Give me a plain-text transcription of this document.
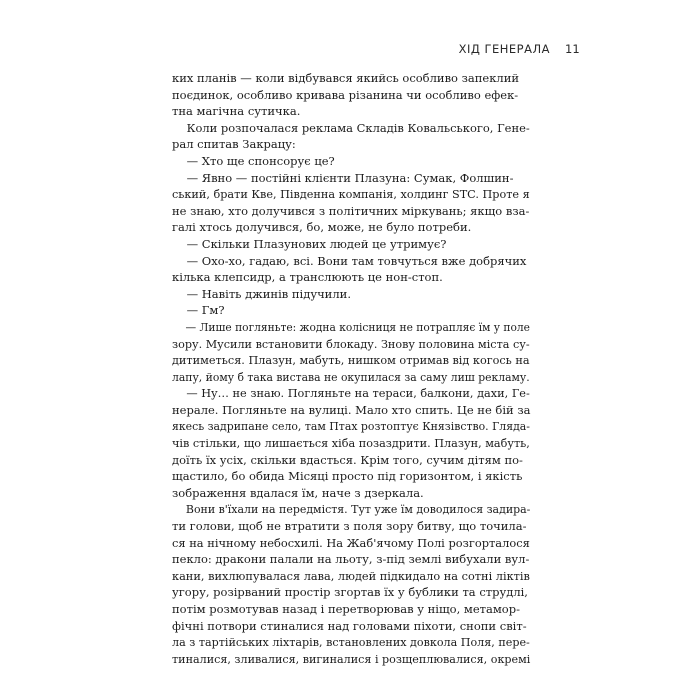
ХІД ГЕНЕРАЛА 11
ких планів — коли відбувався якийсь особливо запеклий
поєдинок, особливо кривава різанина чи особливо ефек-
тна магічна сутичка.
Коли розпочалася реклама Складів Ковальського, Гене-
рал спитав Закрацу:
— Хто ще спонсорує це?
— Явно — постійні клієнти Плазуна: Сумак, Фолшин-
ський, брати Кве, Південна компанія, холдинг STC. Проте я
не знаю, хто долучився з політичних міркувань; якщо взa-
галі хтось долучився, бо, може, не було потреби.
— Скільки Плазунових людей це утримує?
— Охо-хо, гадаю, всі. Вони там товчуться вже добрячих
кілька клепсидр, а транслюють це нон-стоп.
— Навіть джинів підучили.
— Гм?
— Лише погляньте: жодна колісниця не потрапляє їм у поле
зору. Мусили встановити блокаду. Знову половина міста су-
дитиметься. Плазун, мабуть, нишком отримав від когось на
лапу, йому б така вистава не окупилася за саму лиш рекламу.
— Ну… не знаю. Погляньте на тераси, балкони, дахи, Ге-
нерале. Погляньте на вулиці. Мало хто спить. Це не бій за
якесь задрипане село, там Птах розтоптує Князівство. Глядa-
чів стільки, що лишається хіба позаздрити. Плазун, мабуть,
доїть їх усіх, скільки вдасться. Крім того, сучим дітям по-
щастило, бо обида Місяці просто під горизонтом, і якість
зображення вдалася їм, наче з дзеркала.
Вони в'їхали на передмістя. Тут уже їм доводилося задира-
ти голови, щоб не втратити з поля зору битву, що точилa-
ся на нічному небосхилі. На Жаб'ячому Полі розгорталося
пекло: дракони палали на льоту, з-під землі вибухали вул-
кани, вихлюпувалася лава, людей підкидало на сотні ліктів
угору, розірваний простір згортав їх у бублики та струдлі,
потім розмотував назад і перетворював у ніщо, метамор-
фічні потвори стиналися над головами піхоти, снопи світ-
ла з тартійських ліхтарів, встановлених довкола Поля, пере-
тиналися, зливалися, вигиналися і розщеплювалися, окремі
